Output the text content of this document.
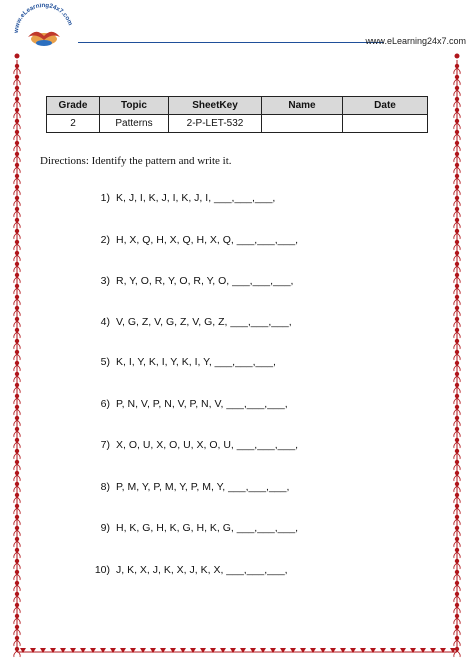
www.eLearning24x7.com
www.eLearning24x7.com
Grade	Topic	SheetKey	Name	Date
2	Patterns	2-P-LET-532		
Directions: Identify the pattern and write it.
1) K, J, I, K, J, I, K, J, I, ___,___,___,
2) H, X, Q, H, X, Q, H, X, Q, ___,___,___,
3) R, Y, O, R, Y, O, R, Y, O, ___,___,___,
4) V, G, Z, V, G, Z, V, G, Z, ___,___,___,
5) K, I, Y, K, I, Y, K, I, Y, ___,___,___,
6) P, N, V, P, N, V, P, N, V, ___,___,___,
7) X, O, U, X, O, U, X, O, U, ___,___,___,
8) P, M, Y, P, M, Y, P, M, Y, ___,___,___,
9) H, K, G, H, K, G, H, K, G, ___,___,___,
10) J, K, X, J, K, X, J, K, X, ___,___,___,
